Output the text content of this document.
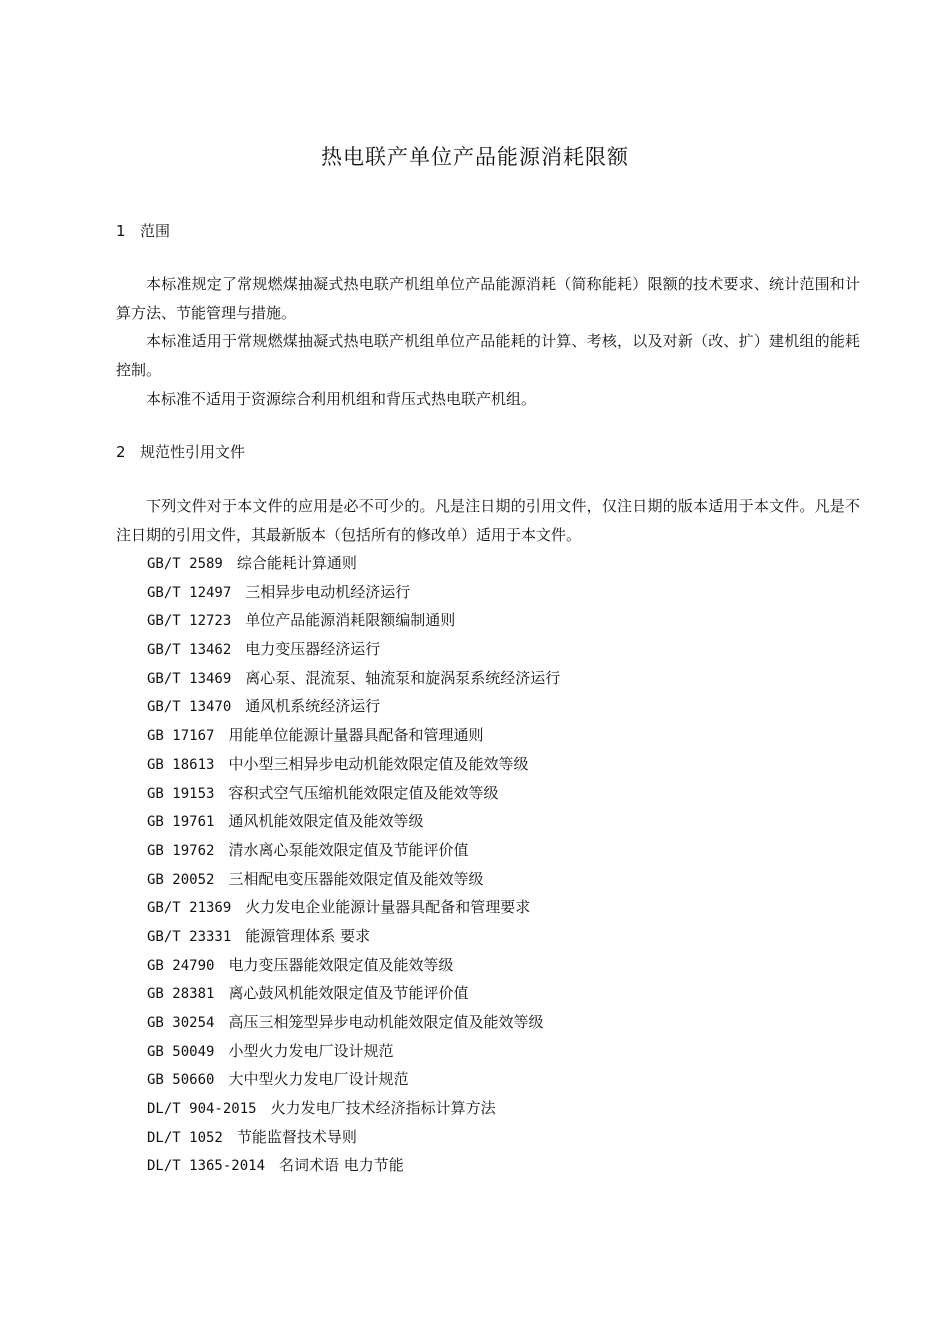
热电联产单位产品能源消耗限额
1 范围

本标准规定了常规燃煤抽凝式热电联产机组单位产品能源消耗（简称能耗）限额的技术要求、统计范围和计算方法、节能管理与措施。

本标准适用于常规燃煤抽凝式热电联产机组单位产品能耗的计算、考核，以及对新（改、扩）建机组的能耗控制。

本标准不适用于资源综合利用机组和背压式热电联产机组。

2 规范性引用文件

下列文件对于本文件的应用是必不可少的。凡是注日期的引用文件，仅注日期的版本适用于本文件。凡是不注日期的引用文件，其最新版本（包括所有的修改单）适用于本文件。

GB/T 2589 综合能耗计算通则
GB/T 12497 三相异步电动机经济运行
GB/T 12723 单位产品能源消耗限额编制通则
GB/T 13462 电力变压器经济运行
GB/T 13469 离心泵、混流泵、轴流泵和旋涡泵系统经济运行
GB/T 13470 通风机系统经济运行
GB 17167 用能单位能源计量器具配备和管理通则
GB 18613 中小型三相异步电动机能效限定值及能效等级
GB 19153 容积式空气压缩机能效限定值及能效等级
GB 19761 通风机能效限定值及能效等级
GB 19762 清水离心泵能效限定值及节能评价值
GB 20052 三相配电变压器能效限定值及能效等级
GB/T 21369 火力发电企业能源计量器具配备和管理要求
GB/T 23331 能源管理体系 要求
GB 24790 电力变压器能效限定值及能效等级
GB 28381 离心鼓风机能效限定值及节能评价值
GB 30254 高压三相笼型异步电动机能效限定值及能效等级
GB 50049 小型火力发电厂设计规范
GB 50660 大中型火力发电厂设计规范
DL/T 904-2015 火力发电厂技术经济指标计算方法
DL/T 1052 节能监督技术导则
DL/T 1365-2014 名词术语 电力节能
